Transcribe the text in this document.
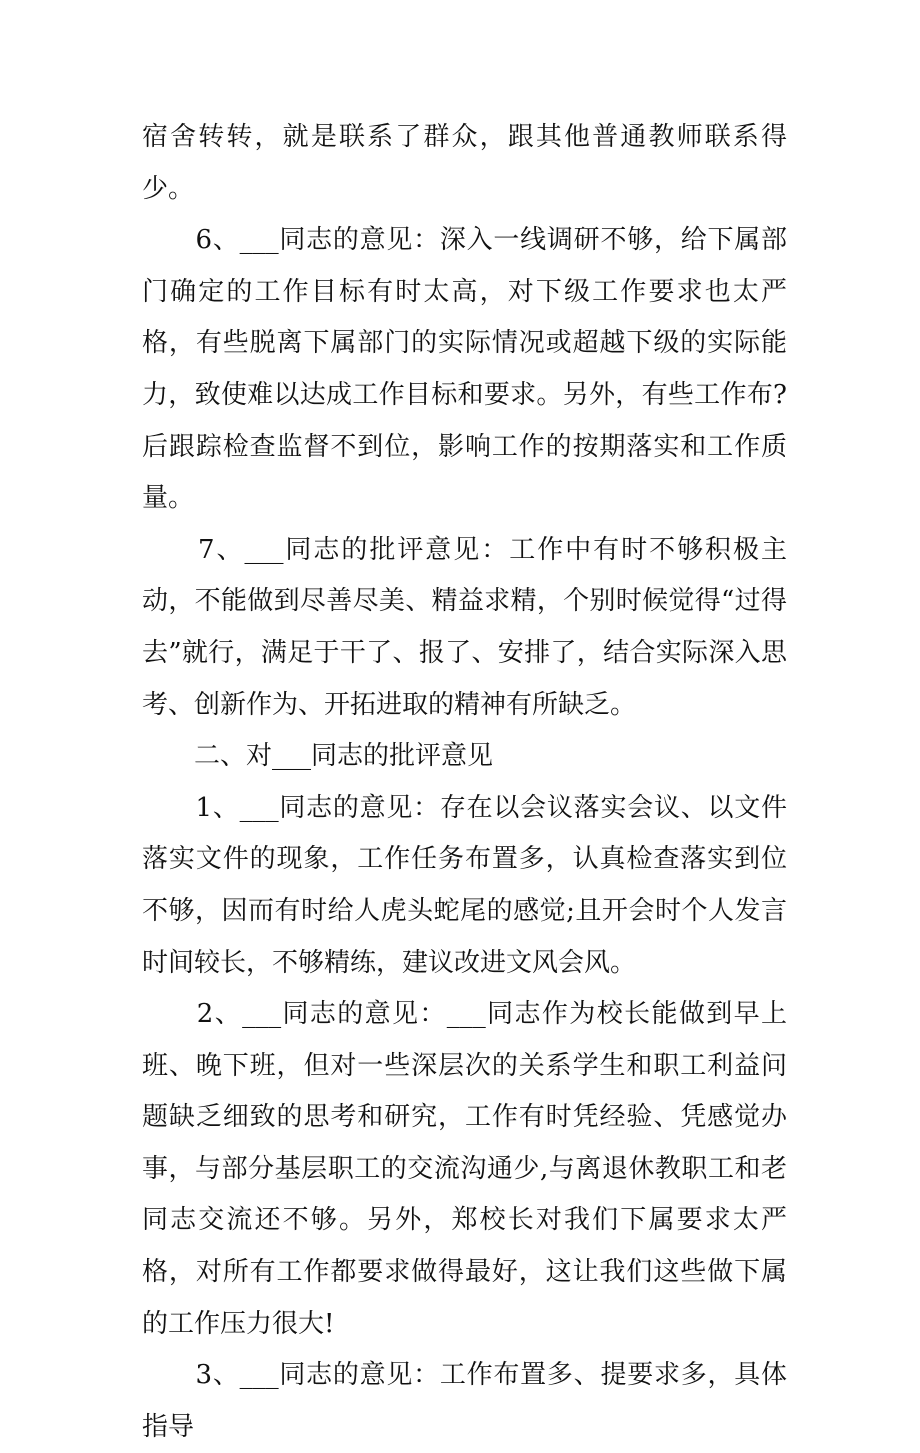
宿舍转转，就是联系了群众，跟其他普通教师联系得少。

　　6、___同志的意见：深入一线调研不够，给下属部门确定的工作目标有时太高，对下级工作要求也太严格，有些脱离下属部门的实际情况或超越下级的实际能力，致使难以达成工作目标和要求。另外，有些工作布?后跟踪检查监督不到位，影响工作的按期落实和工作质量。

　　7、___同志的批评意见：工作中有时不够积极主动，不能做到尽善尽美、精益求精，个别时候觉得“过得去”就行，满足于干了、报了、安排了，结合实际深入思考、创新作为、开拓进取的精神有所缺乏。

　　二、对___同志的批评意见

　　1、___同志的意见：存在以会议落实会议、以文件落实文件的现象，工作任务布置多，认真检查落实到位不够，因而有时给人虎头蛇尾的感觉;且开会时个人发言时间较长，不够精练，建议改进文风会风。

　　2、___同志的意见：___同志作为校长能做到早上班、晚下班，但对一些深层次的关系学生和职工利益问题缺乏细致的思考和研究，工作有时凭经验、凭感觉办事，与部分基层职工的交流沟通少,与离退休教职工和老同志交流还不够。另外，郑校长对我们下属要求太严格，对所有工作都要求做得最好，这让我们这些做下属的工作压力很大!

　　3、___同志的意见：工作布置多、提要求多，具体指导
